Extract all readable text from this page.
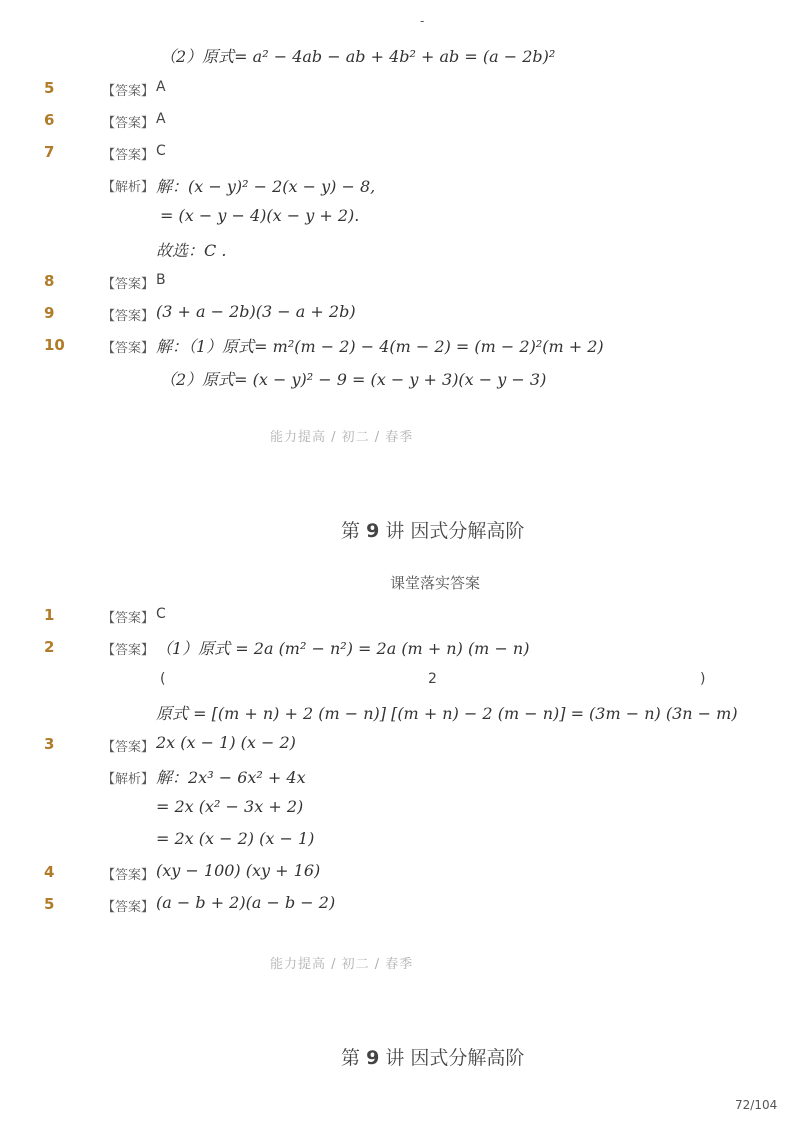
-
（2）原式= a² − 4ab − ab + 4b² + ab = (a − 2b)²
5	【答案】 A
6	【答案】 A
7	【答案】 C
【解析】 解：(x − y)² − 2(x − y) − 8,
= (x − y − 4)(x − y + 2).
故选：C .
8	【答案】 B
9	【答案】 (3 + a − 2b)(3 − a + 2b)
10	【答案】 解：（1）原式= m²(m − 2) − 4(m − 2) = (m − 2)²(m + 2)
（2）原式= (x − y)² − 9 = (x − y + 3)(x − y − 3)
能力提高 / 初二 / 春季
第 9 讲 因式分解高阶
课堂落实答案
1	【答案】 C
2	【答案】 （1）原式 = 2a (m² − n²) = 2a (m + n) (m − n)
(	2	)
原式 = [(m + n) + 2 (m − n)] [(m + n) − 2 (m − n)] = (3m − n) (3n − m)
3	【答案】 2x (x − 1) (x − 2)
【解析】 解：2x³ − 6x² + 4x
= 2x (x² − 3x + 2)
= 2x (x − 2) (x − 1)
4	【答案】 (xy − 100) (xy + 16)
5	【答案】 (a − b + 2)(a − b − 2)
能力提高 / 初二 / 春季
第 9 讲 因式分解高阶
72/104
